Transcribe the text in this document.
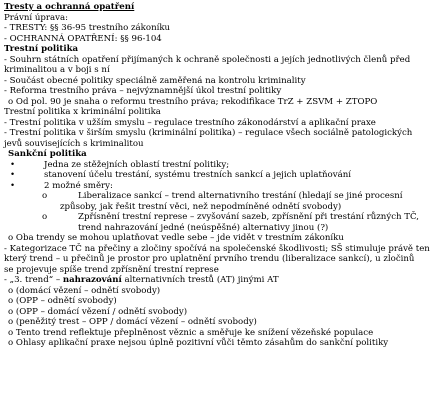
Tresty a ochranná opatření
Právní úprava:
- TRESTY: §§ 36-95 trestního zákoníku
- OCHRANNÁ OPATŘENÍ: §§ 96-104
Trestní politika
- Souhrn státních opatření přijímaných k ochraně společnosti a jejích jednotlivých členů před
kriminalitou a v boji s ní
- Součást obecné politiky speciálně zaměřená na kontrolu kriminality
- Reforma trestního práva – nejvýznamnější úkol trestní politiky
o Od pol. 90 je snaha o reformu trestního práva; rekodifikace TrZ + ZSVM + ZTOPO
Trestní politika x kriminální politika
- Trestní politika v užším smyslu – regulace trestního zákonodárství a aplikační praxe
- Trestní politika v širším smyslu (kriminální politika) – regulace všech sociálně patologických
jevů souvisejících s kriminalitou
Sankční politika
• Jedna ze stěžejních oblastí trestní politiky;
• stanovení účelu trestání, systému trestních sankcí a jejich uplatňování
• 2 možné směry:
o Liberalizace sankcí – trend alternativního trestání (hledají se jiné procesní
způsoby, jak řešit trestní věci, než nepodmíněné odnětí svobody)
o Zpřísnění trestní represe – zvyšování sazeb, zpřísnění při trestání různých TČ,
trend nahrazování jedné (neúspěšné) alternativy jinou (?)
o Oba trendy se mohou uplatňovat vedle sebe – jde vidět v trestním zákoníku
- Kategorizace TČ na přečiny a zločiny spočívá na společenské škodlivosti; SŠ stimuluje právě ten
který trend – u přečinů je prostor pro uplatnění prvního trendu (liberalizace sankcí), u zločinů
se projevuje spíše trend zpřísnění trestní represe
- „3. trend“ – nahrazování alternativních trestů (AT) jinými AT
o (domácí vězení – odnětí svobody)
o (OPP – odnětí svobody)
o (OPP – domácí vězení / odnětí svobody)
o (peněžitý trest – OPP / domácí vězení – odnětí svobody)
o Tento trend reflektuje přeplněnost věznic a směřuje ke snížení vězeňské populace
o Ohlasy aplikační praxe nejsou úplně pozitivní vůči těmto zásahům do sankční politiky
